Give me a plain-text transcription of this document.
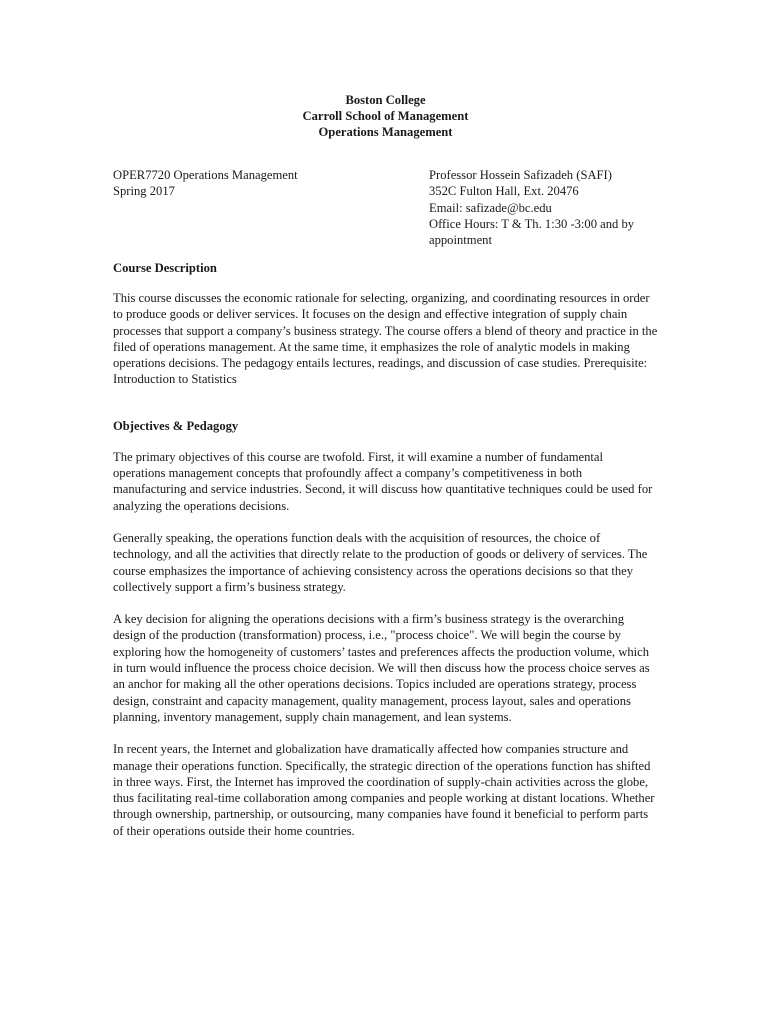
Boston College
Carroll School of Management
Operations Management
OPER7720 Operations Management
Spring 2017
Professor Hossein Safizadeh (SAFI)
352C Fulton Hall, Ext. 20476
Email: safizade@bc.edu
Office Hours: T & Th. 1:30 -3:00 and by appointment
Course Description

This course discusses the economic rationale for selecting, organizing, and coordinating resources in order to produce goods or deliver services. It focuses on the design and effective integration of supply chain processes that support a company’s business strategy. The course offers a blend of theory and practice in the filed of operations management. At the same time, it emphasizes the role of analytic models in making operations decisions. The pedagogy entails lectures, readings, and discussion of case studies. Prerequisite: Introduction to Statistics

Objectives & Pedagogy

The primary objectives of this course are twofold. First, it will examine a number of fundamental operations management concepts that profoundly affect a company’s competitiveness in both manufacturing and service industries. Second, it will discuss how quantitative techniques could be used for analyzing the operations decisions.

Generally speaking, the operations function deals with the acquisition of resources, the choice of technology, and all the activities that directly relate to the production of goods or delivery of services. The course emphasizes the importance of achieving consistency across the operations decisions so that they collectively support a firm’s business strategy.

A key decision for aligning the operations decisions with a firm’s business strategy is the overarching design of the production (transformation) process, i.e., "process choice". We will begin the course by exploring how the homogeneity of customers’ tastes and preferences affects the production volume, which in turn would influence the process choice decision. We will then discuss how the process choice serves as an anchor for making all the other operations decisions. Topics included are operations strategy, process design, constraint and capacity management, quality management, process layout, sales and operations planning, inventory management, supply chain management, and lean systems.

In recent years, the Internet and globalization have dramatically affected how companies structure and manage their operations function. Specifically, the strategic direction of the operations function has shifted in three ways. First, the Internet has improved the coordination of supply-chain activities across the globe, thus facilitating real-time collaboration among companies and people working at distant locations. Whether through ownership, partnership, or outsourcing, many companies have found it beneficial to perform parts of their operations outside their home countries.
